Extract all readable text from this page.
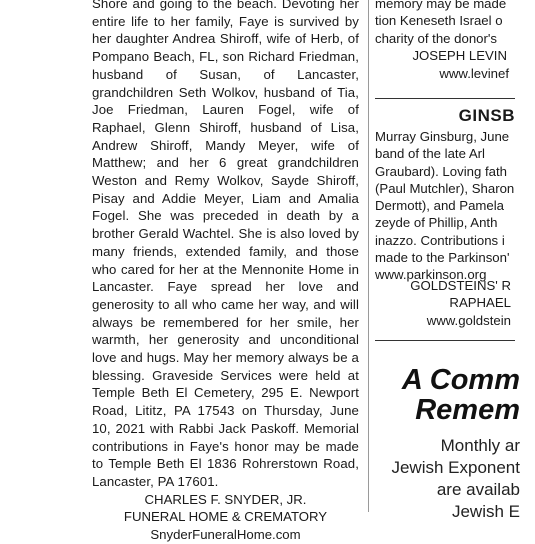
Shore and going to the beach. Devoting her entire life to her family, Faye is survived by her daughter Andrea Shiroff, wife of Herb, of Pompano Beach, FL, son Richard Friedman, husband of Susan, of Lancaster, grandchildren Seth Wolkov, husband of Tia, Joe Friedman, Lauren Fogel, wife of Raphael, Glenn Shiroff, husband of Lisa, Andrew Shiroff, Mandy Meyer, wife of Matthew; and her 6 great grandchildren Weston and Remy Wolkov, Sayde Shiroff, Pisay and Addie Meyer, Liam and Amalia Fogel. She was preceded in death by a brother Gerald Wachtel. She is also loved by many friends, extended family, and those who cared for her at the Mennonite Home in Lancaster. Faye spread her love and generosity to all who came her way, and will always be remembered for her smile, her warmth, her generosity and unconditional love and hugs. May her memory always be a blessing. Graveside Services were held at Temple Beth El Cemetery, 295 E. Newport Road, Lititz, PA 17543 on Thursday, June 10, 2021 with Rabbi Jack Paskoff. Memorial contributions in Faye's honor may be made to Temple Beth El 1836 Rohrerstown Road, Lancaster, PA 17601.

CHARLES F. SNYDER, JR.
FUNERAL HOME & CREMATORY
SnyderFuneralHome.com
memory may be made
tion Keneseth Israel o
charity of the donor's
JOSEPH LEVIN
www.levinef
GINSB
Murray Ginsburg, June
band of the late Arl
Graubard). Loving fath
(Paul Mutchler), Sharon
Dermott), and Pamela
zeyde of Phillip, Anth
inazzo. Contributions i
made to the Parkinson'
www.parkinson.org
GOLDSTEINS' R
RAPHAEL
www.goldstein
A Comm
Remem
Monthly ar
Jewish Exponent
are availab
Jewish E
